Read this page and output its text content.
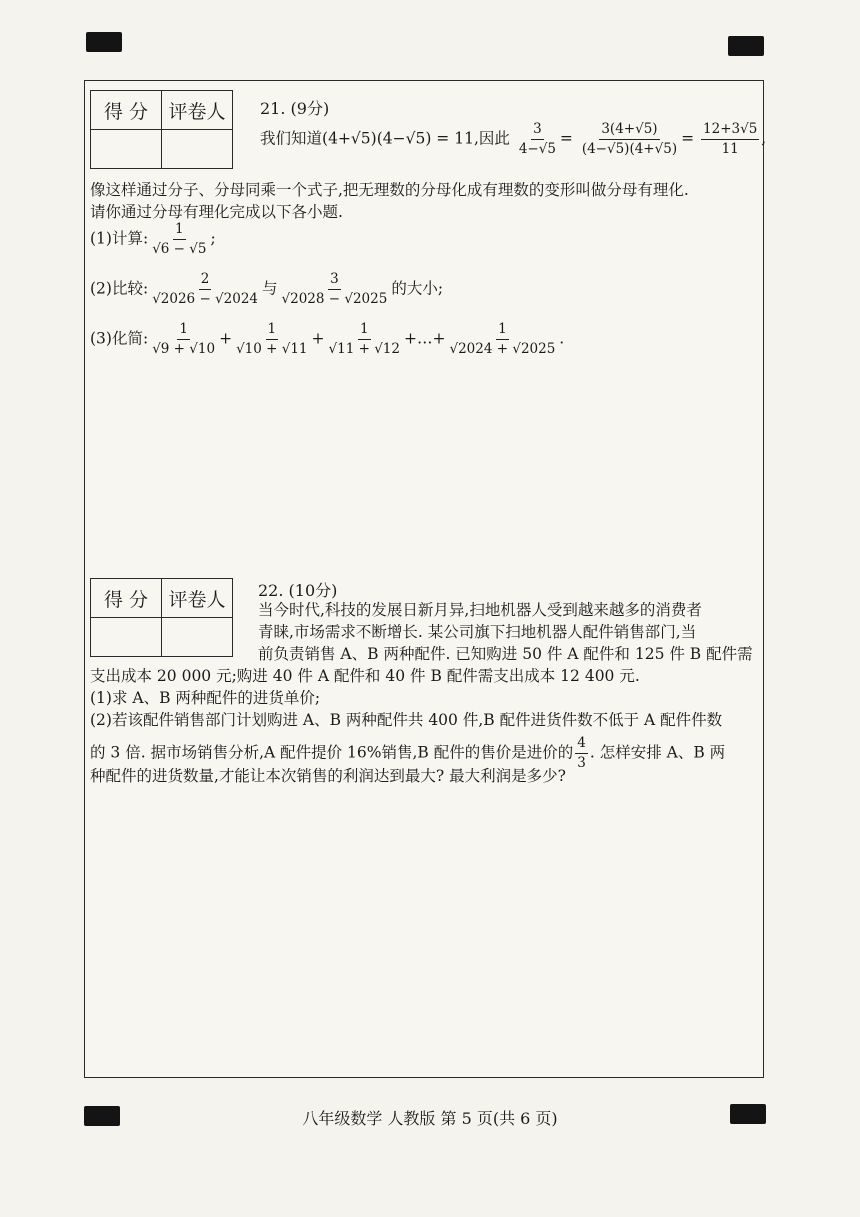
得 分	评卷人
	21. (9分)
我们知道(4+√5)(4−√5) = 11,因此 $\frac{3}{4-√5} = \frac{3(4+√5)}{(4-√5)(4+√5)} = \frac{12+3√5}{11}$ ,
像这样通过分子、分母同乘一个式子,把无理数的分母化成有理数的变形叫做分母有理化.
请你通过分母有理化完成以下各小题.
(1)计算: $\frac{1}{√6 - √5}$ ;
(2)比较: $\frac{2}{√2026 - √2024}$ 与 $\frac{3}{√2028 - √2025}$ 的大小;
(3)化简: $\frac{1}{√9 + √10} + \frac{1}{√10 + √11} + \frac{1}{√11 + √12}$ +…+ $\frac{1}{√2024 + √2025}$ .
得 分	评卷人
	22. (10分)
当今时代,科技的发展日新月异,扫地机器人受到越来越多的消费者
青睐,市场需求不断增长. 某公司旗下扫地机器人配件销售部门,当
前负责销售 A、B 两种配件. 已知购进 50 件 A 配件和 125 件 B 配件需
支出成本 20 000 元;购进 40 件 A 配件和 40 件 B 配件需支出成本 12 400 元.
(1)求 A、B 两种配件的进货单价;
(2)若该配件销售部门计划购进 A、B 两种配件共 400 件,B 配件进货件数不低于 A 配件件数
的 3 倍. 据市场销售分析,A 配件提价 16%销售,B 配件的售价是进价的 $\frac{4}{3}$ . 怎样安排 A、B 两
种配件的进货数量,才能让本次销售的利润达到最大? 最大利润是多少?
八年级数学 人教版 第 5 页(共 6 页)
